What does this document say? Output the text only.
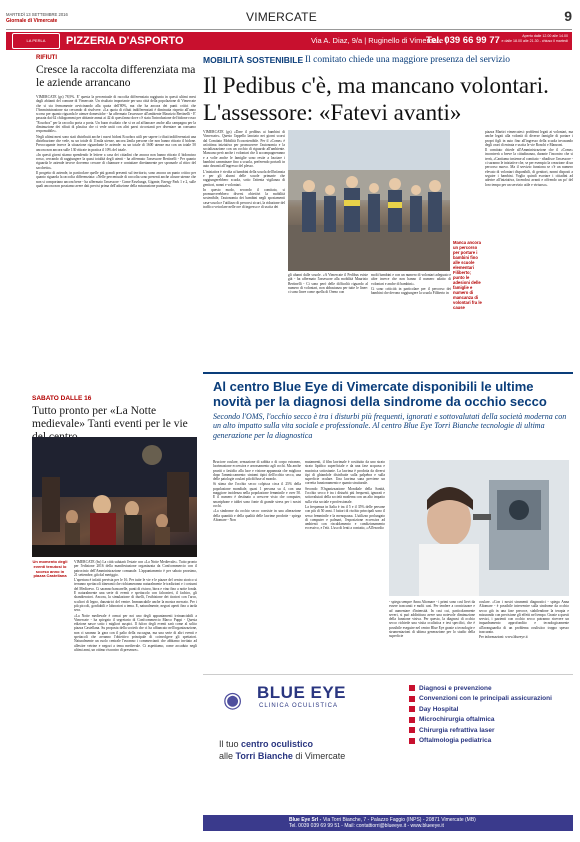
MARTEDÌ 13 SETTEMBRE 2016
Giornale di Vimercate	VIMERCATE	9
LA PERLA	PIZZERIA D'ASPORTO	Via A. Diaz, 9/a | Ruginello di Vimercate |
Tel. 039 66 99 77	Aperto dalle 12.00 alle 14.00
e dalle 18.00 alle 21.30 - chiuso il martedì
RIFIUTI
Cresce la raccolta differenziata ma le aziende arrancano

VIMERCATE (gs) 78,9%. E' questa la percentuale di raccolta differenziata raggiunta in questi ultimi mesi dagli abitanti del comune di Vimercate. Un risultato importante per una città della popolazione di Vimercate che si sta fermamente avvicinando alla quota dell'80%, ma che ha ancora dei punti critici che l'Amministrazione sta cercando di risolvere. «La quota di rifiuti indifferenziati è diminuita rispetto all'anno scorso per quanto riguarda le utenze domestiche - ha affermato l'assessore all'ambiente Maurizio Bertinelli - E' passata dai 62 chilogrammi per abitante annui ai 42 di quest'anno dove c'è stata l'introduzione del bidone rosso "Ecuobox" per la raccolta porta a porta. Un buon risultato che si va ad affiancare anche alla campagna per la diminuzione dei rifiuti di plastica che ci vede uniti con altri paesi circostanti per diventare un consumo responsabile».

Negli ultimi mesi sono stati distribuiti anche i nuovi bidoni Ecuobox utili per sapere i rifiuti indifferenziati una distribuzione che vede, su un totale di 11mila utenze, ancora 2mila persone che non hanno ritirato il bidone. Preoccupante invece la situazione riguardante le aziende: su un totale di 1600 utenze ma con un totale 50 ancora non ancora sulle 130 ritirate in pratica il 10% del totale.

«In questi giorni stiamo spendendo le lettere a casa dei cittadini che ancora non hanno ritirato il bidoncino rosso, cercando di raggiungere la quasi totalità degli utenti - ha affermato l'assessore Bertinelli - Per quanto riguarda le aziende invece dovremo cercare di chiamare e contattare direttamente per spronarle al ritiro del sacchetto».

Il progetto di aziende, in particolare quelle più grandi presenti sul territorio, sono ancora un punto critico per quanto riguarda la raccolta differenziata: «Nelle percentuale di raccolta sono presenti anche alcune utenze che non si comportano ancora bene - ha affermato l'assessore - Come Esselunga, Gigante, Energy Park 1 e 2, sulle quali ancora non possiamo avere dati precisi prima dell'adozione della misurazione puntuale».

SABATO DALLE 16
Tutto pronto per «La Notte medievale» Tanti eventi per le vie
Un momento degli eventi tenutosi lo scorso anno in piazza Castellana

VIMERCATE (bs) La città salutarà l'estate con «La Notte Medievale». Tutto pronto per l'edizione 2016 della manifestazione organizzata da Confcommercio con il patrocinio dell'Amministrazione comunale. L'appuntamento è per sabato prossimo, 21 settembre, già dal meriggio.

L'apertura è infatti prevista per le 16. Per tutte le vie e le piazze del centro storico si terranno spettacoli itineranti che richiameranno naturalmente le tradizioni e i costumi del Medioevo. Ci saranno bancarelle, punti di ristoro, birra e vino fino a notte fonda. E naturalmente una serie di eventi e spettacolo con falconieri, il fachiro, gli sbandieratori. Ancora, la simulazione di duelli, l'esibizione dei tiratori con l'arco, scultori di legno, danzatrici del ventre. Immancabile anche la mostra mercato. Per i più piccoli, gonfiabili e laboratori a tema. E, naturalmente, negozi aperti fino a tarda sera.

«La Notte medievale è ormai per noi uno degli appuntamenti irrinunciabili a Vimercate - ha spiegato il segretario di Confcommercio Marco Puppi - Questa edizione nasce sotto i migliori auspici. Il fulcro degli eventi sarà come al solito piazza Castellana. Su proposta della società che ci ha affiancato nell'organizzazione, non ci saranno la gara con il palio della cuccagna, ma una serie di altri eventi e spettacoli che avranno l'obiettivo principale di coinvolgere gli spettatori. Naturalmente un ruolo centrale l'avranno i commercianti che abbiamo invitato ad allestire vetrine e negozi a tema medievale. Ci aspettiamo, come accaduto negli ultimi anni, un ottimo riscontro di presenze».

MOBILITÀ SOSTENIBILE Il comitato chiede una maggiore presenza del servizio
Il Pedibus c'è, ma mancano volontari. L'assessore: «Fatevi avanti»

VIMERCATE (gs) «Dare il pedibus ai bambini di Vimercate». Questo l'appello lanciato nei giorni scorsi dal Comitato Mobilità Ecosostenibile. Per il «Come» è un'ottima iniziativa per promuovere l'autonomia e la socializzazione con un occhio di riguardo all'ambiente. Mancano però anche i volontari che li accompagneranno e a volte anche le famiglie sono restie a lasciare i bambini camminare fino a scuola, preferendo portarli in auto davanti all'ingresso del plesso.

L'iniziativa è rivolta ai bambini della scuola dell'infanzia e per gli alunni delle scuole primarie che raggiungerebbero scuola, sotto l'attenta vigilanza di genitori, nonni e volontari.

In questo modo, secondo il comitato, si promuoverebbero diversi obiettivi la mobilità sostenibile, l'autonomia dei bambini negli spostamenti casa-scuola e l'utilizzo di percorsi sicuri, la riduzione del traffico veicolare nelle ore di ingresso e di uscita dei

Manca ancora un percorso per portare i bambini fino alle scuole elementari Filiberto; punto le adesioni delle famiglie e numero di mancanza di volontari fra le cause

gli alunni dalle scuole. «A Vimercate il Pedibus esiste già - ha affermato l'assessore alla mobilità Maurizio Bertinelli - Ci sono però delle difficoltà riguardo al numero di volontari, non abbastanza per tutte le linee: ci sono linee come quella di Oreno con

molti bambini e con un numero di volontari adeguato e altre invece che non hanno il numero adatto di volontari e anche di bambini».

Ci sono criticità in particolare per il percorso dei bambini che devono raggiungere la scuola Filiberto in

piazza Martiri vimercatesi: problemi legati ai volontari, ma anche legati alla volontà di diverse famiglie di portare i propri figli in auto fino all'ingresso della scuola invasando degli orari di entrata e uscita le vie Ronchi e Manzoni.

Il comitato chiede all'Amministrazione che il «Come» incontrerà a breve la cittadinanza, durante l'incontro che si terrà, «Cantiamo insieme al comitato - ribadisce l'assessore - ci saranno le iniziative che, se per esempio la creazione di un percorso nuovo. Ma il servizio funziona se c'è un numero elevato di volontari disponibili, di genitori, nonni disposti a seguire i bambini. Voglio quindi esortare i cittadini ad aderire all'iniziativa, facendosi avanti e offrendo un po' del loro tempo per un servizio utile e virtuoso».

Al centro Blue Eye di Vimercate disponibili le ultime novità per la diagnosi della sindrome da occhio secco
Secondo l'OMS, l'occhio secco è tra i disturbi più frequenti, ignorati e sottovalutati della società moderna con un alto impatto sulla vita sociale e professionale. Al centro Blue Eye Torri Bianche tecnologie di ultima generazione per la diagnostica

Bruciore oculare, sensazione di sabbia o di corpo estraneo, lacrimazione eccessiva e arrossamento agli occhi. Ma anche pruriti o fastidio alla luce e visione appannata che migliora dopo l'ammiccamento: sintomi tipici dell'occhio secco, una delle patologie oculari più diffuse al mondo.

Si stima che l'occhio secco colpisca circa il 25% della popolazione mondiale, quasi 1 persona su 4, con una maggiore incidenza nella popolazione femminile e over 50. E il numero è destinato a crescere visto che computer, smartphone e tablet sono fonte di grande stress per i nostri occhi.

«La sindrome da occhio secco consiste in una alterazione della quantità e della qualità delle lacrime prodotte - spiega Altomare - Non

mutamenti, il film lacrimale è costituito da uno strato strato lipidico superficiale e da una fase acquosa e mucinica sottostante. La lacrima è prodotta da diversi tipi di ghiandole distribuite sulla palpebra e sulla superficie oculare. Una lacrima sana previene un corretta funzionamento e quanto strutturale.

Secondo l'Organizzazione Mondiale della Sanità, l'occhio secco è tra i disturbi più frequenti, ignorati e sottovalutati della società moderna con un alto impatto sulla vita sociale e professionale.

La frequenza in Italia è tra il 5 e il 35% delle persone con più di 50 anni. I fattori di rischio principali sono il sesso femminile e la menopausa. L'utilizzo prolungato di computer e palmari, l'esposizione eccessiva ad ambienti con riscaldamento e condizionamento eccessivo, e l'età. L'uso di lenti a contatto, «All'esordio

- spiega sempre Anna Altomare - i primi sono così lievi da essere trascurati e molti casi. Per tendere a cronicizzare e ad aumentare d'intensità. In casi cui, particolarmente severi, si può addirittura avere una notevole diminuzione della funzione visiva. Per questo, la diagnosi di occhio secco richiede una visita oculistica e test specifici, che è possibile eseguire nel centro Blue Eye grazie a tecnologie e strumentazioni di ultima generazione per lo studio della superficie

oculare. «Con i nostri strumenti diagnostici - spiega Anna Altomare - è possibile intervenire sulla sindrome da occhio secco già in una fase precoce, stabilendone la terapia e misurando con precisione gli effetti nel tempo. Grazie a questi servizi, i pazienti con occhio secco potranno ricevere un inquadramento approfondito e tecnologicamente all'avanguardia di un problema oculistico troppo spesso trascurato.

Per informazioni: www.blueeye.it

◉ BLUE EYE
CLINICA OCULISTICA
Il tuo centro oculistico
alle Torri Bianche di Vimercate
Diagnosi e prevenzione
Convenzioni con le principali assicurazioni
Day Hospital
Microchirurgia oftalmica
Chirurgia refrattiva laser
Oftalmologia pediatrica
Blue Eye Srl - Via Torri Bianche, 7 - Palazzo Faggio (INPS) - 20871 Vimercate (MB)
Tel. 0039 039 69 99 51 - Mail: contattiorri@blueeye.it - www.blueeye.it
